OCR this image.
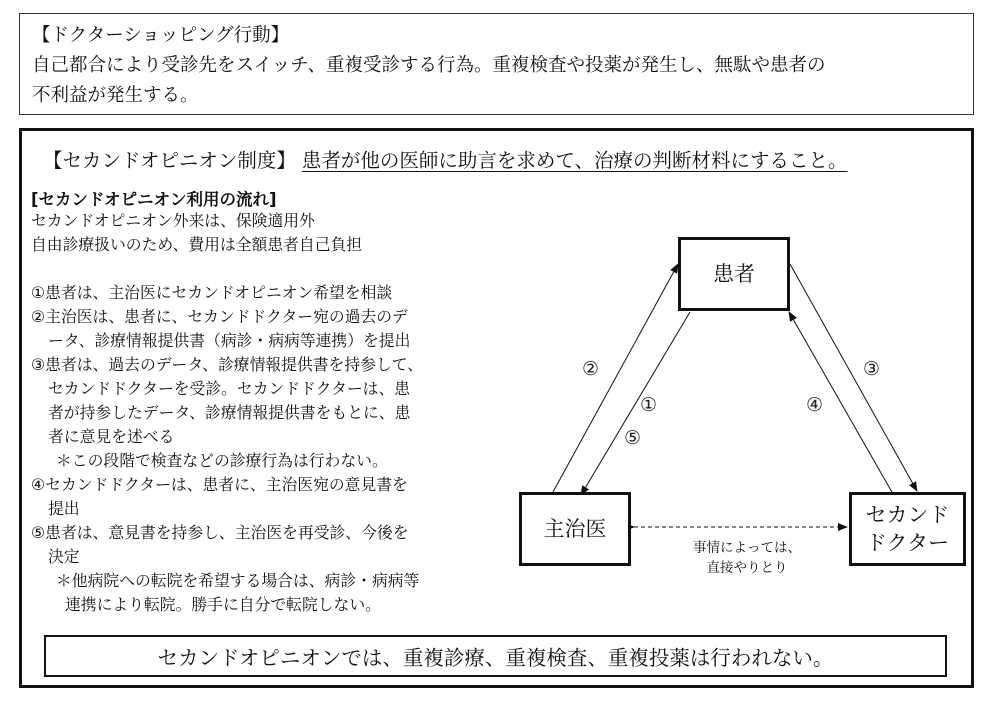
【ドクターショッピング行動】
自己都合により受診先をスイッチ、重複受診する行為。重複検査や投薬が発生し、無駄や患者の
不利益が発生する。
【セカンドオピニオン制度】 患者が他の医師に助言を求めて、治療の判断材料にすること。
[セカンドオピニオン利用の流れ]
セカンドオピニオン外来は、保険適用外
自由診療扱いのため、費用は全額患者自己負担
①患者は、主治医にセカンドオピニオン希望を相談
②主治医は、患者に、セカンドドクター宛の過去のデ
ータ、診療情報提供書（病診・病病等連携）を提出
③患者は、過去のデータ、診療情報提供書を持参して、
セカンドドクターを受診。セカンドドクターは、患
者が持参したデータ、診療情報提供書をもとに、患
者に意見を述べる
＊この段階で検査などの診療行為は行わない。
④セカンドドクターは、患者に、主治医宛の意見書を
提出
⑤患者は、意見書を持参し、主治医を再受診、今後を
決定
＊他病院への転院を希望する場合は、病診・病病等
連携により転院。勝手に自分で転院しない。
患者
主治医
セカンド
ドクター
②
①
⑤
④
③
事情によっては、
直接やりとり
セカンドオピニオンでは、重複診療、重複検査、重複投薬は行われない。
